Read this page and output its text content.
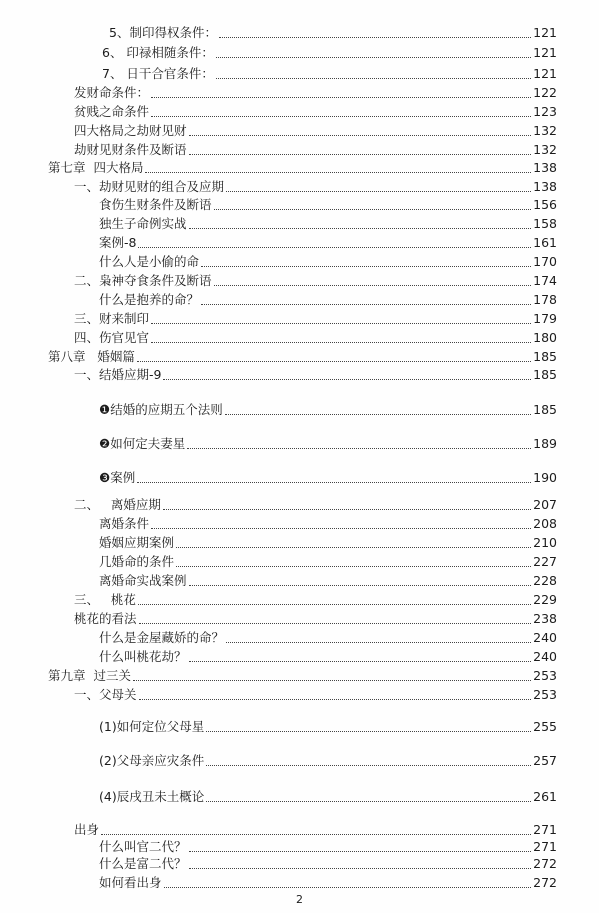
5、制印得权条件：	121
6、 印禄相随条件：	121
7、 日干合官条件：	121
发财命条件：	122
贫贱之命条件	123
四大格局之劫财见财	132
劫财见财条件及断语	132
第七章  四大格局	138
一、劫财见财的组合及应期	138
食伤生财条件及断语	156
独生子命例实战	158
案例-8	161
什么人是小偷的命	170
二、枭神夺食条件及断语	174
什么是抱养的命？	178
三、财来制印	179
四、伤官见官	180
第八章   婚姻篇	185
一、结婚应期-9	185
❶结婚的应期五个法则	185
❷如何定夫妻星	189
❸案例	190
二、   离婚应期	207
离婚条件	208
婚姻应期案例	210
几婚命的条件	227
离婚命实战案例	228
三、   桃花	229
桃花的看法	238
什么是金屋藏娇的命？	240
什么叫桃花劫？	240
第九章  过三关	253
一、父母关	253
(1)如何定位父母星	255
(2)父母亲应灾条件	257
(4)辰戌丑未土概论	261
出身	271
什么叫官二代？	271
什么是富二代？	272
如何看出身	272
2
